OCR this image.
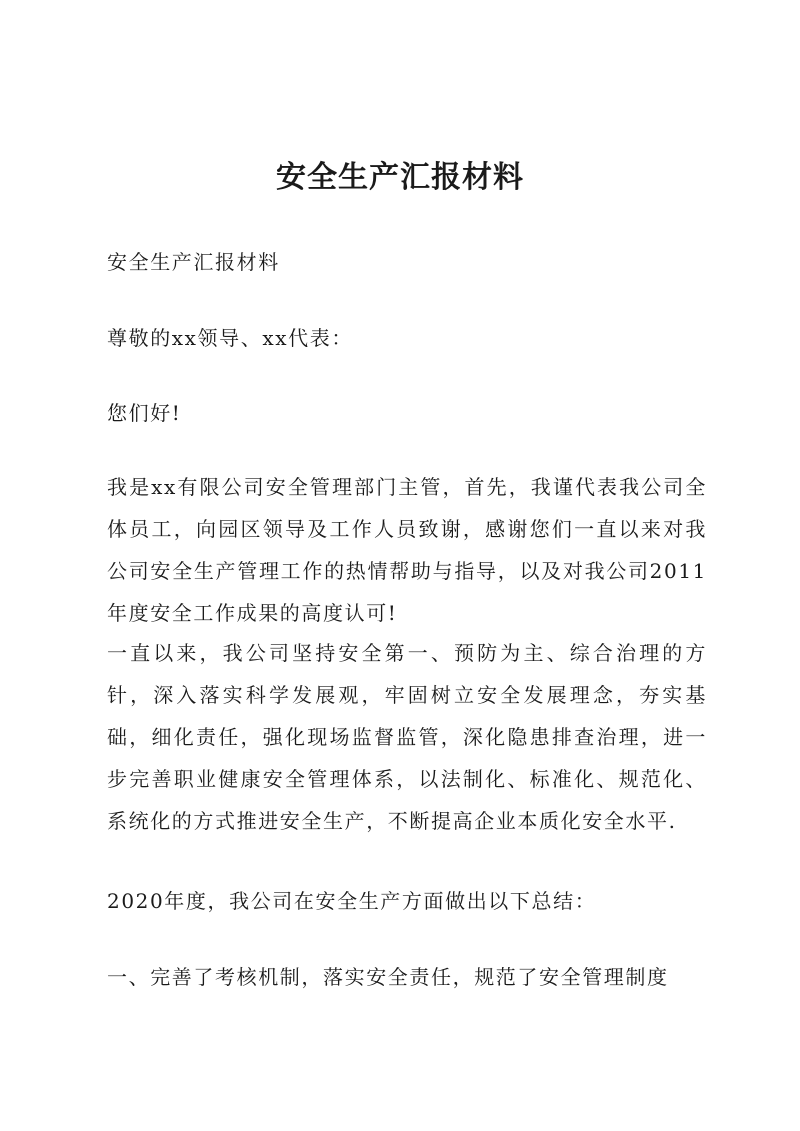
安全生产汇报材料

安全生产汇报材料

尊敬的xx领导、xx代表：

您们好!

我是xx有限公司安全管理部门主管，首先，我谨代表我公司全体员工，向园区领导及工作人员致谢，感谢您们一直以来对我公司安全生产管理工作的热情帮助与指导，以及对我公司2011年度安全工作成果的高度认可!

一直以来，我公司坚持安全第一、预防为主、综合治理的方针，深入落实科学发展观，牢固树立安全发展理念，夯实基础，细化责任，强化现场监督监管，深化隐患排查治理，进一步完善职业健康安全管理体系，以法制化、标准化、规范化、系统化的方式推进安全生产，不断提高企业本质化安全水平.

2020年度，我公司在安全生产方面做出以下总结：

一、完善了考核机制，落实安全责任，规范了安全管理制度
